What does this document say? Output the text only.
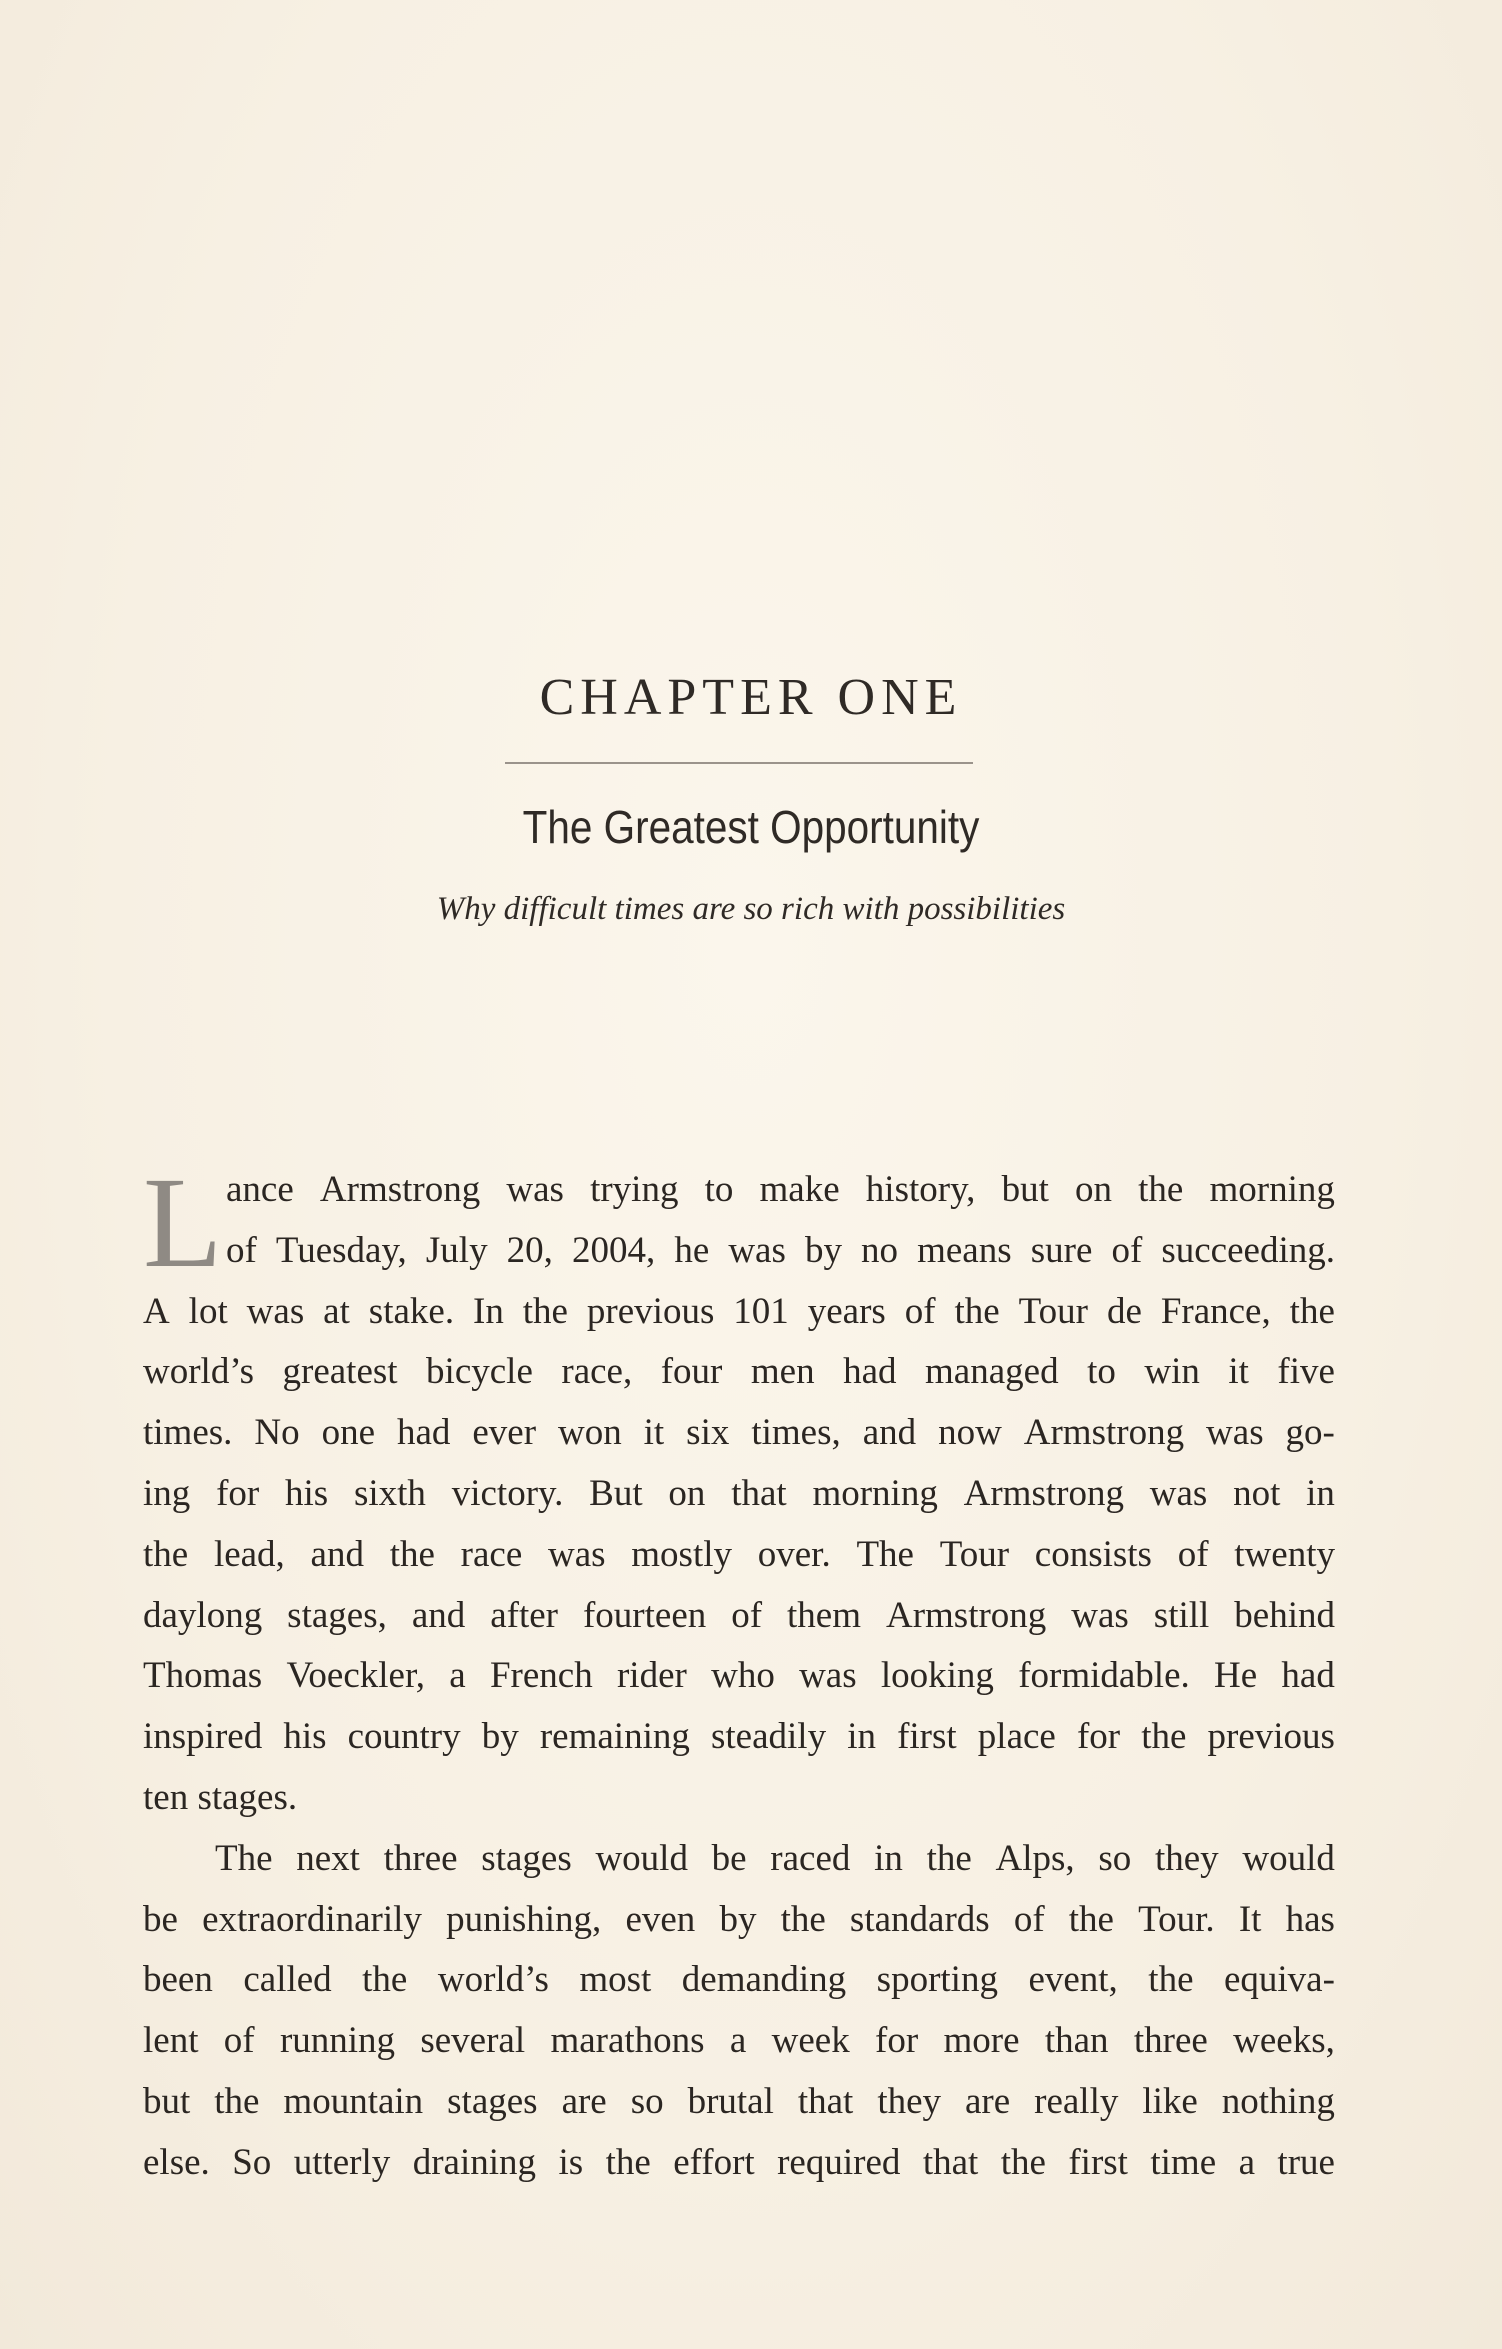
CHAPTER ONE
The Greatest Opportunity
Why difficult times are so rich with possibilities
L ance Armstrong was trying to make history, but on the morning
of Tuesday, July 20, 2004, he was by no means sure of succeeding.
A lot was at stake. In the previous 101 years of the Tour de France, the
world’s greatest bicycle race, four men had managed to win it five
times. No one had ever won it six times, and now Armstrong was go-
ing for his sixth victory. But on that morning Armstrong was not in
the lead, and the race was mostly over. The Tour consists of twenty
daylong stages, and after fourteen of them Armstrong was still behind
Thomas Voeckler, a French rider who was looking formidable. He had
inspired his country by remaining steadily in first place for the previous
ten stages.
The next three stages would be raced in the Alps, so they would
be extraordinarily punishing, even by the standards of the Tour. It has
been called the world’s most demanding sporting event, the equiva-
lent of running several marathons a week for more than three weeks,
but the mountain stages are so brutal that they are really like nothing
else. So utterly draining is the effort required that the first time a true
